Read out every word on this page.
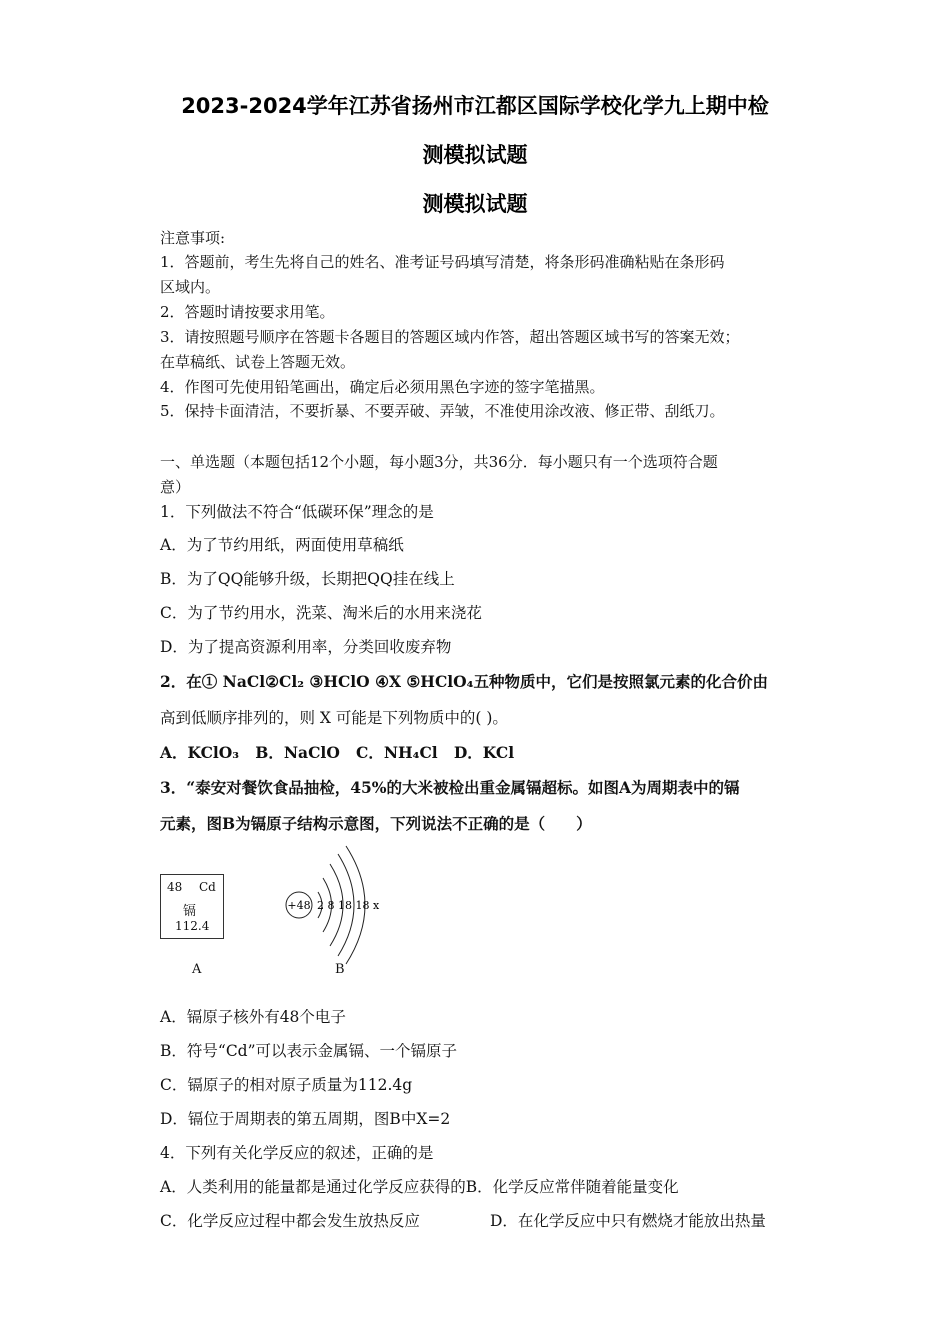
2023-2024学年江苏省扬州市江都区国际学校化学九上期中检
测模拟试题
测模拟试题
注意事项:
1．答题前，考生先将自己的姓名、准考证号码填写清楚，将条形码准确粘贴在条形码
区域内。
2．答题时请按要求用笔。
3．请按照题号顺序在答题卡各题目的答题区域内作答，超出答题区域书写的答案无效；
在草稿纸、试卷上答题无效。
4．作图可先使用铅笔画出，确定后必须用黑色字迹的签字笔描黑。
5．保持卡面清洁，不要折暴、不要弄破、弄皱，不准使用涂改液、修正带、刮纸刀。
一、单选题（本题包括12个小题，每小题3分，共36分．每小题只有一个选项符合题
意）
1．下列做法不符合“低碳环保”理念的是
A．为了节约用纸，两面使用草稿纸
B．为了QQ能够升级，长期把QQ挂在线上
C．为了节约用水，洗菜、淘米后的水用来浇花
D．为了提高资源利用率，分类回收废弃物
2．在① NaCl②Cl₂ ③HClO ④X ⑤HClO₄五种物质中，它们是按照氯元素的化合价由
高到低顺序排列的，则 X 可能是下列物质中的( )。
A．KClO₃   B．NaClO   C．NH₄Cl   D．KCl
3．“泰安对餐饮食品抽检，45%的大米被检出重金属镉超标。如图A为周期表中的镉
元素，图B为镉原子结构示意图，下列说法不正确的是（　　）
48 Cd
镉
112.4
A
+48 2 8 18 18 x
B
A．镉原子核外有48个电子
B．符号“Cd”可以表示金属镉、一个镉原子
C．镉原子的相对原子质量为112.4g
D．镉位于周期表的第五周期，图B中X=2
4．下列有关化学反应的叙述，正确的是
A．人类利用的能量都是通过化学反应获得的B．化学反应常伴随着能量变化
C．化学反应过程中都会发生放热反应	D．在化学反应中只有燃烧才能放出热量
